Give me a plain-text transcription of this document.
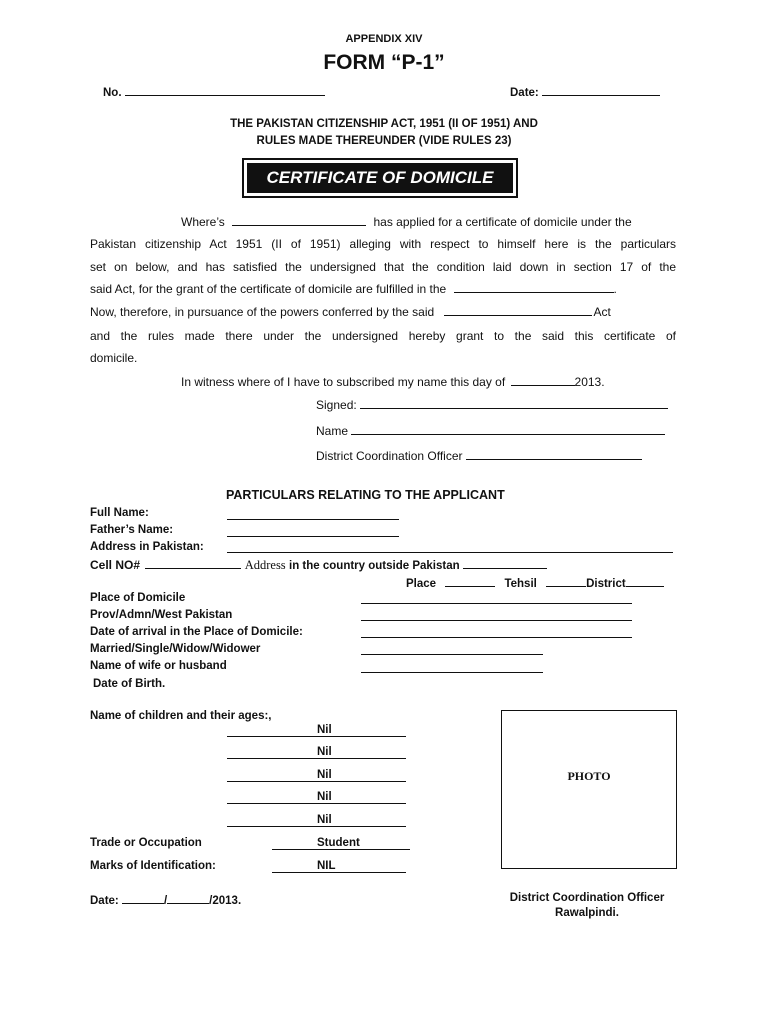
APPENDIX XIV
FORM “P-1”
No.	Date:
THE PAKISTAN CITIZENSHIP ACT, 1951 (II OF 1951) AND
RULES MADE THEREUNDER (VIDE RULES 23)
CERTIFICATE OF DOMICILE
Where’s	has applied for a certificate of domicile under the
Pakistan citizenship Act 1951 (II of 1951) alleging with respect to himself here is the particulars
set on below, and has satisfied the undersigned that the condition laid down in section 17 of the
said Act, for the grant of the certificate of domicile are fulfilled in the	.
Now, therefore, in pursuance of the powers conferred by the said	Act
and the rules made there under the undersigned hereby grant to the said this certificate of
domicile.
In witness where of I have to subscribed my name this day of	2013.
Signed:
Name
District Coordination Officer
PARTICULARS RELATING TO THE APPLICANT
Full Name:
Father’s Name:
Address in Pakistan:
Cell NO#	Address in the country outside Pakistan
Place	Tehsil	District
Place of Domicile
Prov/Admn/West Pakistan
Date of arrival in the Place of Domicile:
Married/Single/Widow/Widower
Name of wife or husband
Date of Birth.
Name of children and their ages:,
Nil
Nil
Nil
Nil
Nil
PHOTO
Trade or Occupation	Student
Marks of Identification:	NIL
Date:	/	/2013.	District Coordination Officer
Rawalpindi.
